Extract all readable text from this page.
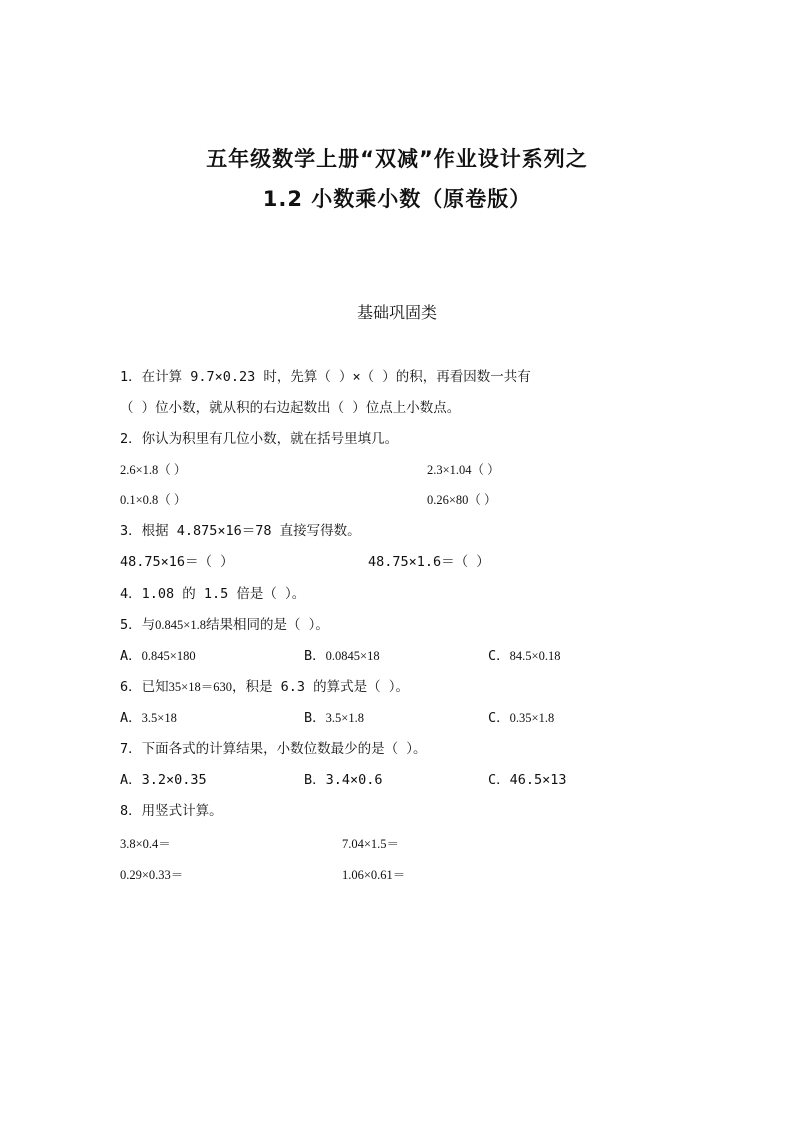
五年级数学上册“双减”作业设计系列之
1.2 小数乘小数（原卷版）
基础巩固类
1．在计算 9.7×0.23 时，先算（ ）×（ ）的积，再看因数一共有
（ ）位小数，就从积的右边起数出（ ）位点上小数点。
2．你认为积里有几位小数，就在括号里填几。
2.6×1.8（ ）	2.3×1.04（ ）
0.1×0.8（ ）	0.26×80（ ）
3．根据 4.875×16＝78 直接写得数。
48.75×16＝（ ）	48.75×1.6＝（ ）
4．1.08 的 1.5 倍是（ ）。
5．与0.845×1.8结果相同的是（ ）。
A．0.845×180	B．0.0845×18	C．84.5×0.18
6．已知35×18＝630，积是 6.3 的算式是（ ）。
A．3.5×18	B．3.5×1.8	C．0.35×1.8
7．下面各式的计算结果，小数位数最少的是（ ）。
A．3.2×0.35	B．3.4×0.6	C．46.5×13
8．用竖式计算。
3.8×0.4＝	7.04×1.5＝
0.29×0.33＝	1.06×0.61＝
